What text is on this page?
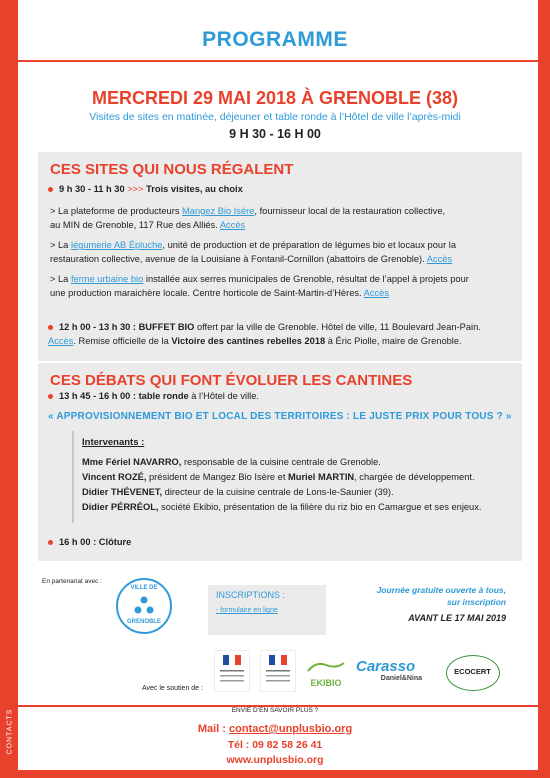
PROGRAMME
MERCREDI 29 MAI 2018 À GRENOBLE (38)
Visites de sites en matinée, déjeuner et table ronde à l’Hôtel de ville l’après-midi
9 H 30 - 16 H 00
CES SITES QUI NOUS RÉGALENT
9 h 30 - 11 h 30 >>> Trois visites, au choix
> La plateforme de producteurs Mangez Bio Isère, fournisseur local de la restauration collective,
au MIN de Grenoble, 117 Rue des Alliés. Accès
> La légumerie AB Épluche, unité de production et de préparation de légumes bio et locaux pour la
restauration collective, avenue de la Louisiane à Fontanil-Cornillon (abattoirs de Grenoble). Accès
> La ferme urbaine bio installée aux serres municipales de Grenoble, résultat de l’appel à projets pour
une production maraichère locale. Centre horticole de Saint-Martin-d’Hères. Accès
12 h 00 - 13 h 30 : BUFFET BIO offert par la ville de Grenoble. Hôtel de ville, 11 Boulevard Jean-Pain.
Accès. Remise officielle de la Victoire des cantines rebelles 2018 à Éric Piolle, maire de Grenoble.
CES DÉBATS QUI FONT ÉVOLUER LES CANTINES
13 h 45 - 16 h 00 : table ronde à l’Hôtel de ville.
« APPROVISIONNEMENT BIO ET LOCAL DES TERRITOIRES : LE JUSTE PRIX POUR TOUS ? »
Intervenants :
Mme Fériel NAVARRO, responsable de la cuisine centrale de Grenoble.
Vincent ROZÉ, président de Mangez Bio Isère et Muriel MARTIN, chargée de développement.
Didier THÉVENET, directeur de la cuisine centrale de Lons-le-Saunier (39).
Didier PÉRRÉOL, société Ekibio, présentation de la filière du riz bio en Camargue et ses enjeux.
16 h 00 : Clôture
En partenariat avec :
VILLE DE
GRENOBLE
INSCRIPTIONS :
- formulaire en ligne
Journée gratuite ouverte à tous,
sur inscription
AVANT LE 17 MAI 2019
Avec le soutien de :
EKIBIO
Carasso
Daniel&Nina
ECOCERT
ENVIE D’EN SAVOIR PLUS ?
CONTACTS	Mail : contact@unplusbio.org
Tél : 09 82 58 26 41
www.unplusbio.org
